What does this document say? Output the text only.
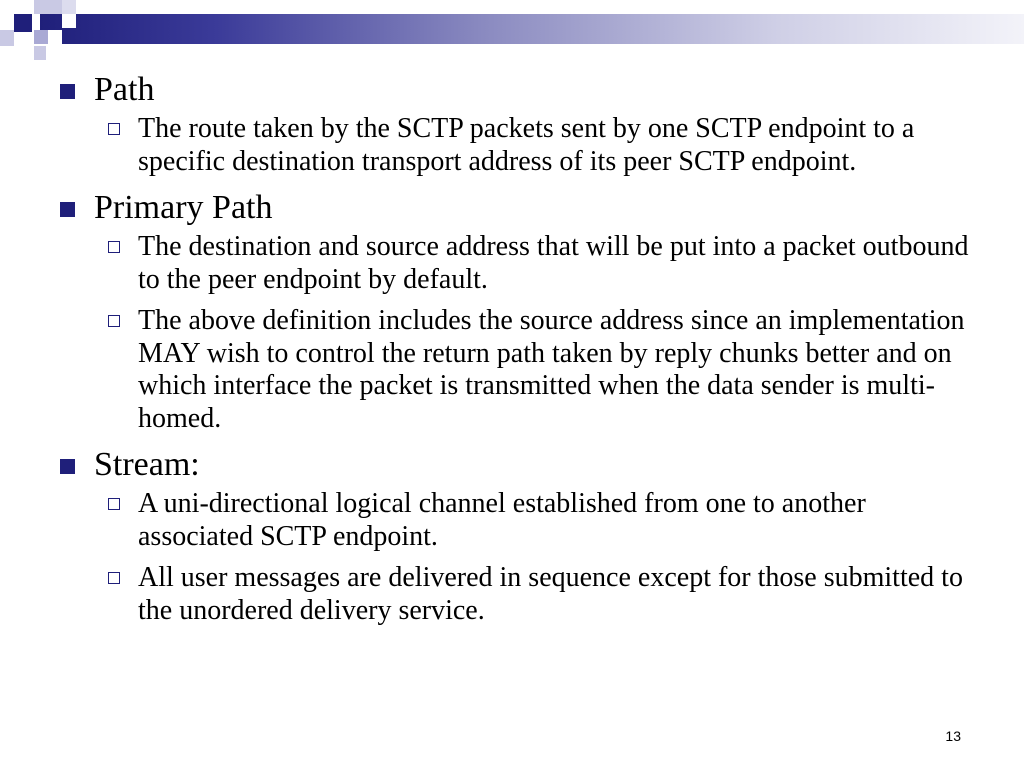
Path
The route taken by the SCTP packets sent by one SCTP endpoint to a specific destination transport address of its peer SCTP endpoint.
Primary Path
The destination and source address that will be put into a packet outbound to the peer endpoint by default.
The above definition includes the source address since an implementation MAY wish to control the return path taken by reply chunks better and on which interface the packet is transmitted when the data sender is multi-homed.
Stream:
A uni-directional logical channel established from one to another associated SCTP endpoint.
All user messages are delivered in sequence except for those submitted to the unordered delivery service.
13
